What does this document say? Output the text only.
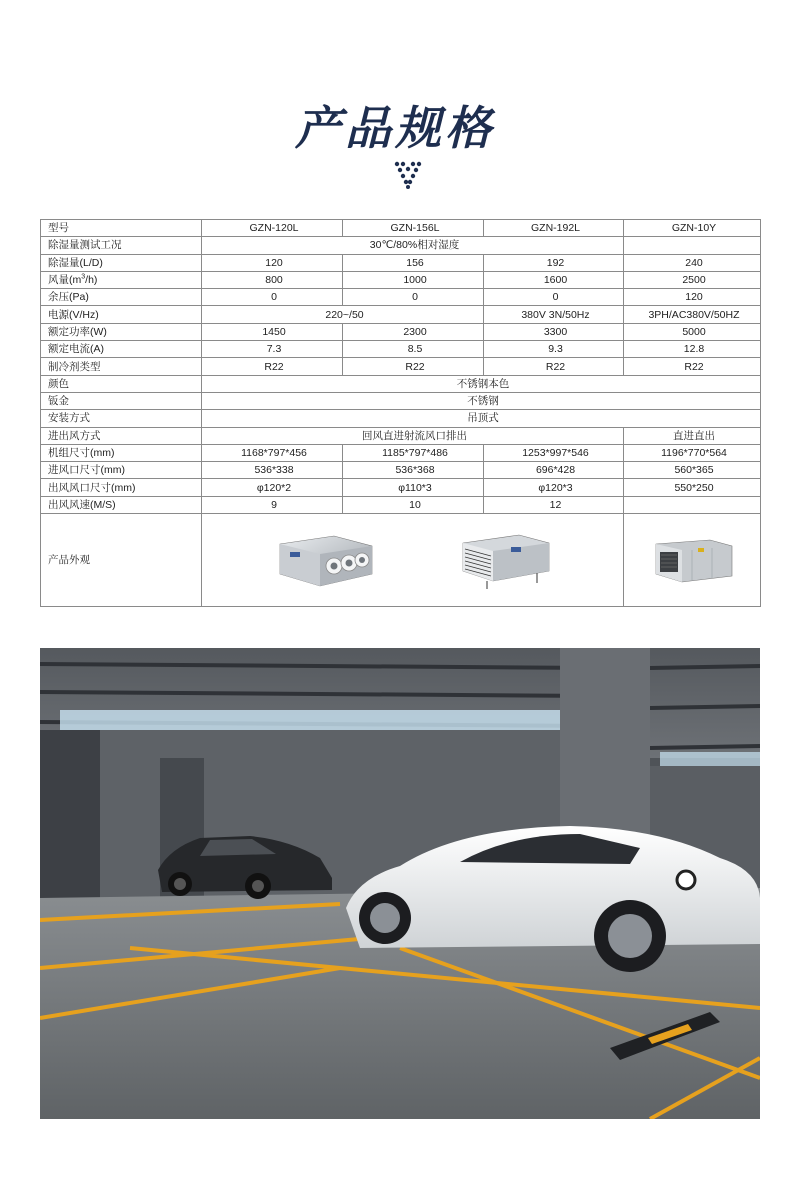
产品规格
型号	GZN-120L	GZN-156L	GZN-192L	GZN-10Y
除湿量测试工况	30℃/80%相对湿度			
除湿量(L/D)	120	156	192	240
风量$(m^3/h)$	800	1000	1600	2500
余压(Pa)	0	0	0	120
电源(V/Hz)	220~/50		380V 3N/50Hz	3PH/AC380V/50HZ
额定功率(W)	1450	2300	3300	5000
额定电流(A)	7.3	8.5	9.3	12.8
制冷剂类型	R22	R22	R22	R22
颜色	不锈钢本色			
钣金	不锈钢			
安装方式	吊顶式			
进出风方式	回风直进射流风口排出			直进直出
机组尺寸(mm)	1168*797*456	1185*797*486	1253*997*546	1196*770*564
进风口尺寸(mm)	536*338	536*368	696*428	560*365
出风风口尺寸(mm)	φ120*2	φ110*3	φ120*3	550*250
出风风速(M/S)	9	10	12	
产品外观		
